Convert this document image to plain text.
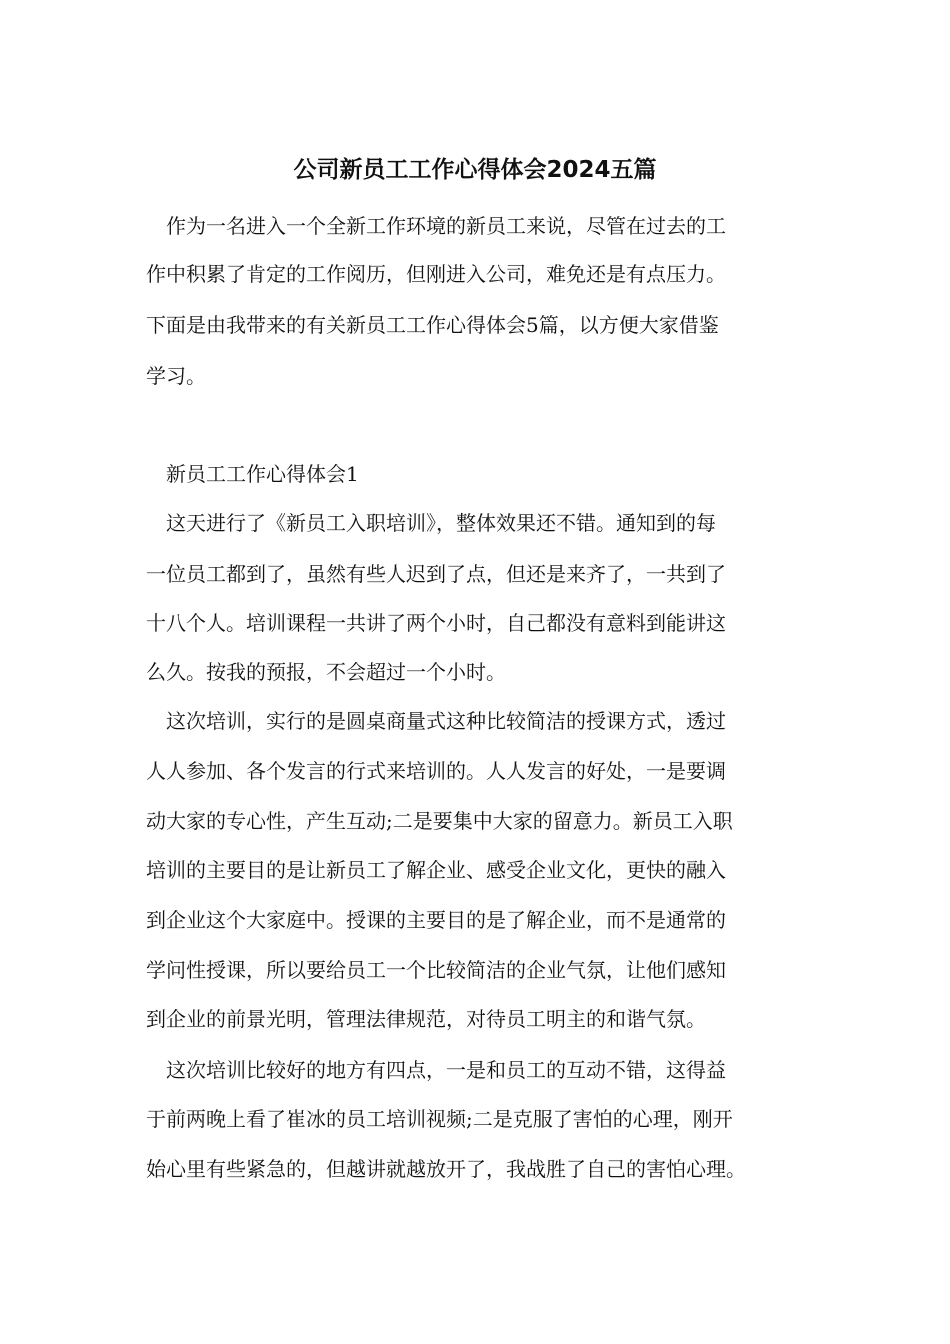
公司新员工工作心得体会2024五篇

作为一名进入一个全新工作环境的新员工来说，尽管在过去的工

作中积累了肯定的工作阅历，但刚进入公司，难免还是有点压力。

下面是由我带来的有关新员工工作心得体会5篇，以方便大家借鉴

学习。

新员工工作心得体会1

这天进行了《新员工入职培训》，整体效果还不错。通知到的每

一位员工都到了，虽然有些人迟到了点，但还是来齐了，一共到了

十八个人。培训课程一共讲了两个小时，自己都没有意料到能讲这

么久。按我的预报，不会超过一个小时。

这次培训，实行的是圆桌商量式这种比较简洁的授课方式，透过

人人参加、各个发言的行式来培训的。人人发言的好处，一是要调

动大家的专心性，产生互动;二是要集中大家的留意力。新员工入职

培训的主要目的是让新员工了解企业、感受企业文化，更快的融入

到企业这个大家庭中。授课的主要目的是了解企业，而不是通常的

学问性授课，所以要给员工一个比较简洁的企业气氛，让他们感知

到企业的前景光明，管理法律规范，对待员工明主的和谐气氛。

这次培训比较好的地方有四点，一是和员工的互动不错，这得益

于前两晚上看了崔冰的员工培训视频;二是克服了害怕的心理，刚开

始心里有些紧急的，但越讲就越放开了，我战胜了自己的害怕心理。
